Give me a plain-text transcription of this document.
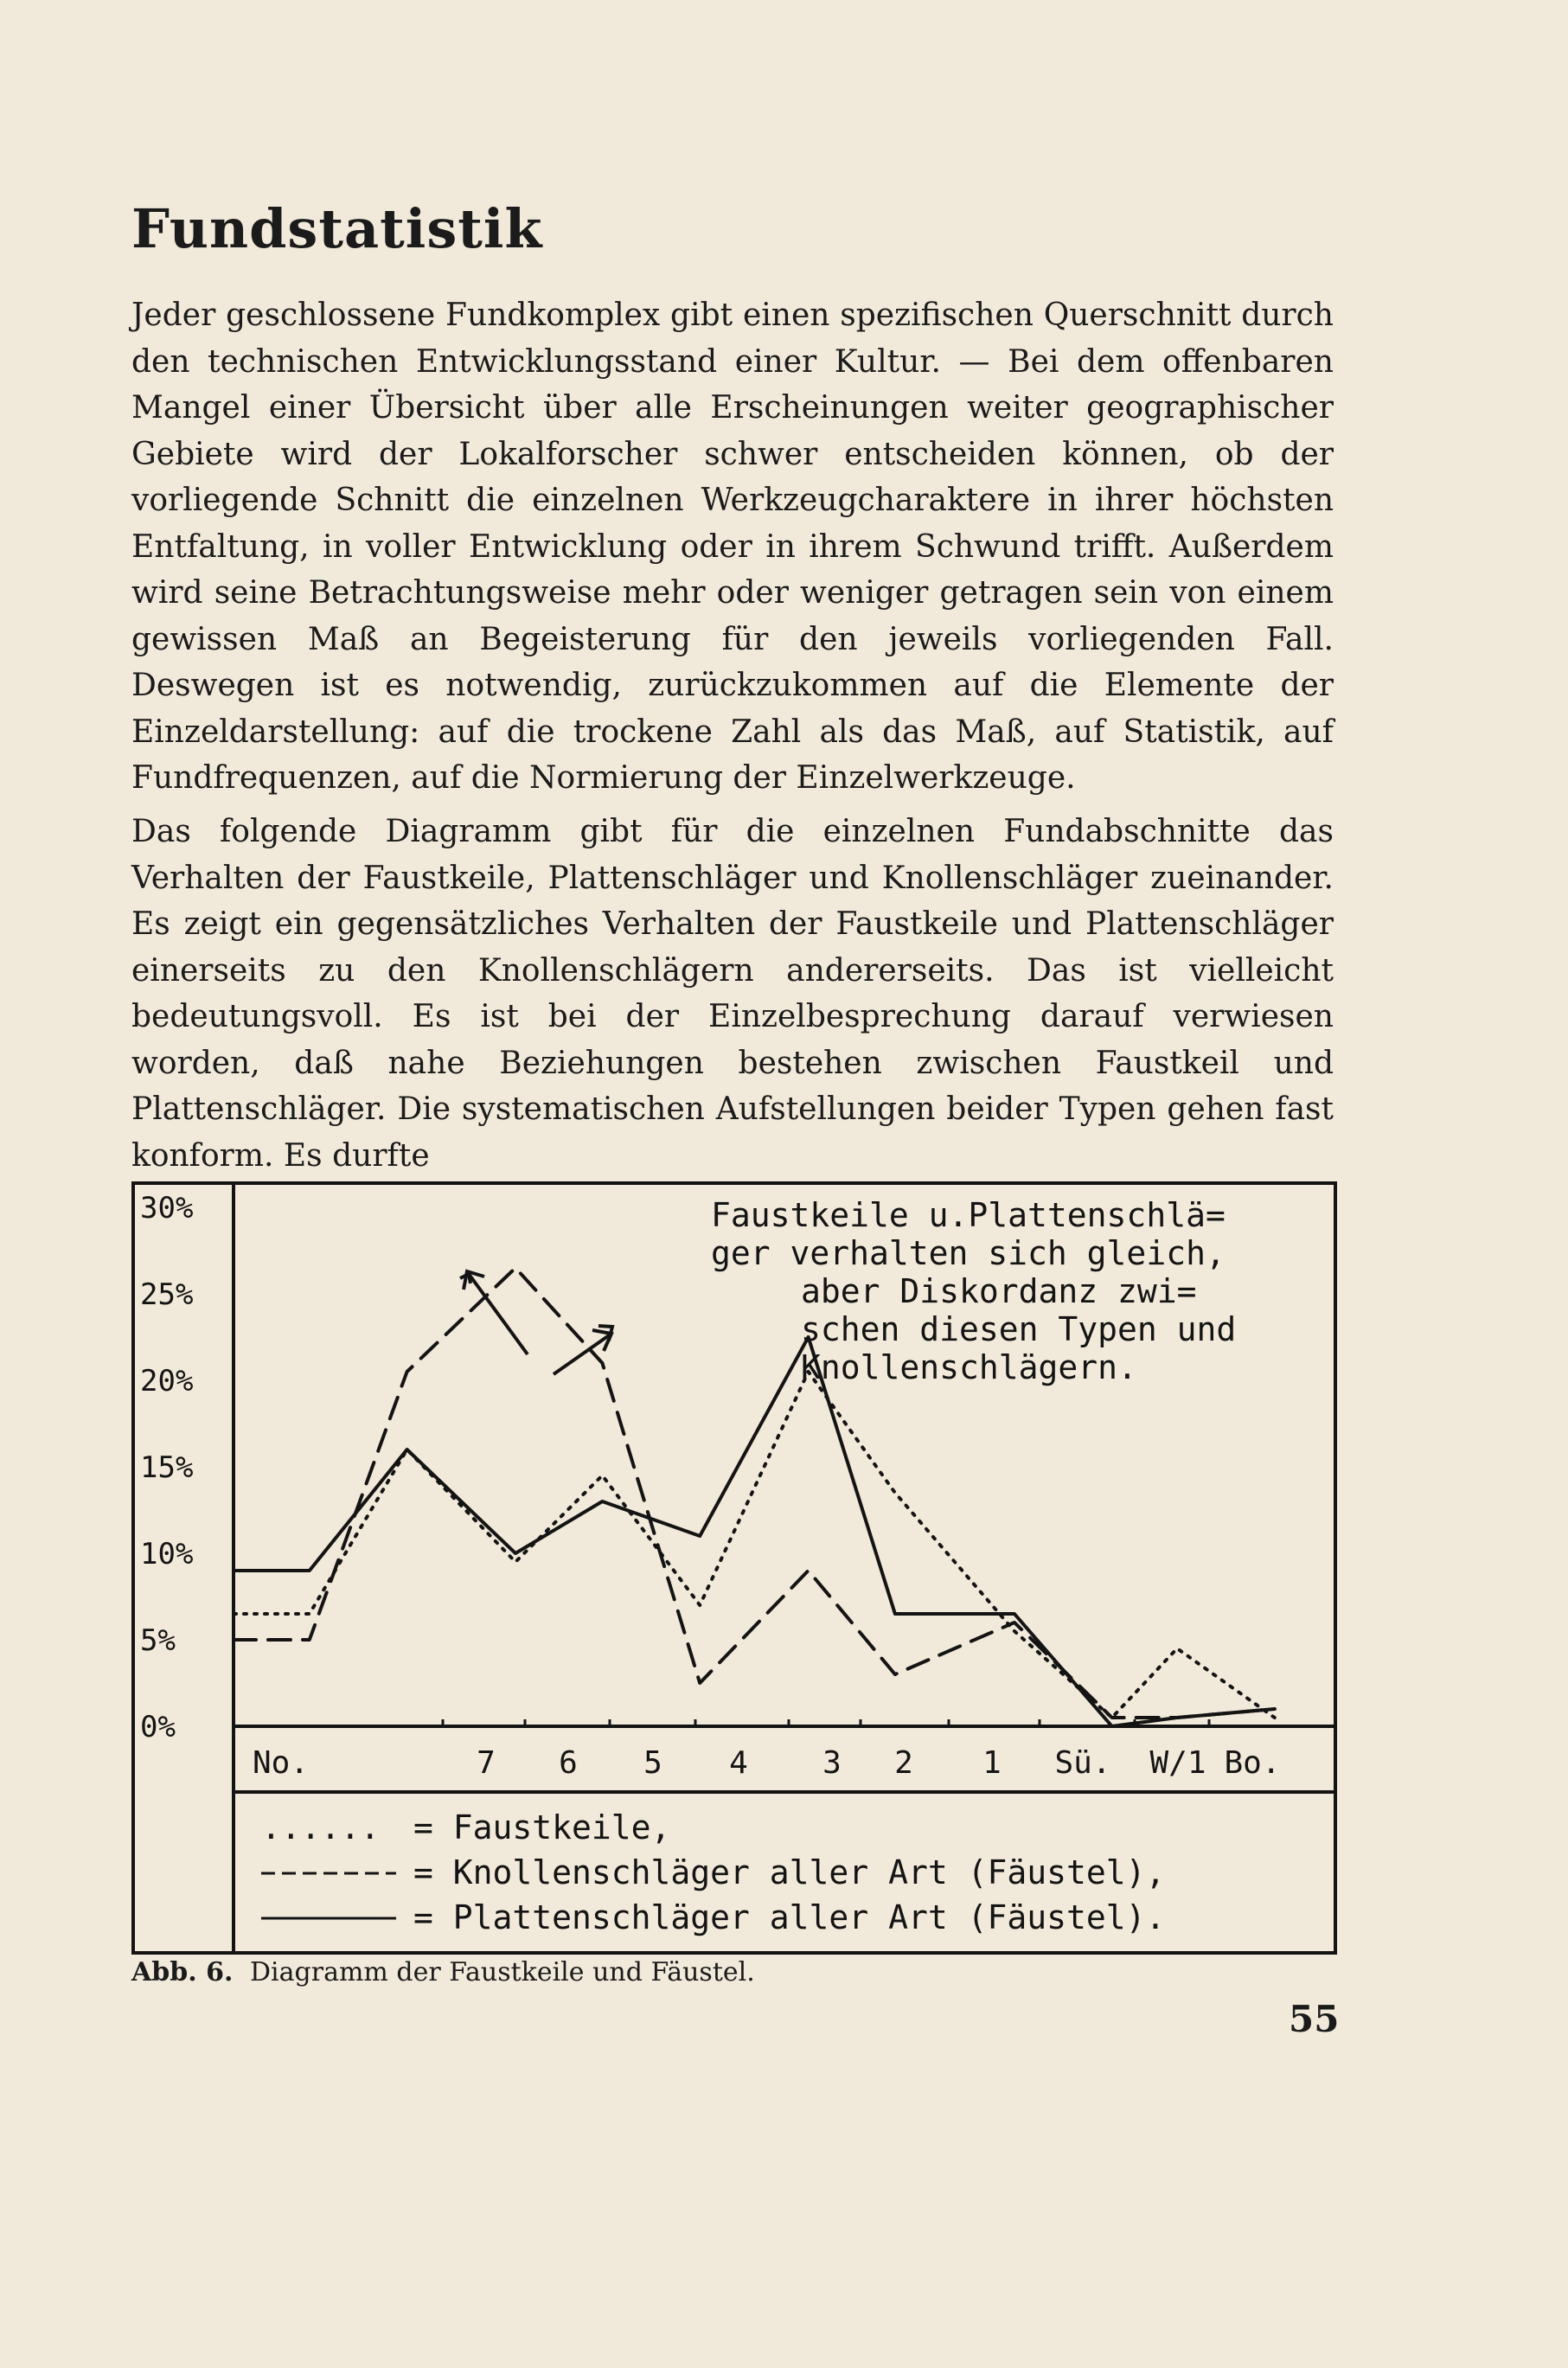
Fundstatistik

Jeder geschlossene Fundkomplex gibt einen spezifischen Querschnitt durch den technischen Entwicklungsstand einer Kultur. — Bei dem offenbaren Mangel einer Übersicht über alle Erscheinungen weiter geographischer Gebiete wird der Lokalforscher schwer entscheiden können, ob der vorliegende Schnitt die einzelnen Werkzeugcharaktere in ihrer höchsten Entfaltung, in voller Entwicklung oder in ihrem Schwund trifft. Außerdem wird seine Betrachtungsweise mehr oder weniger getragen sein von einem gewissen Maß an Begeisterung für den jeweils vorliegenden Fall. Deswegen ist es notwendig, zurückzukommen auf die Elemente der Einzeldarstellung: auf die trockene Zahl als das Maß, auf Statistik, auf Fundfrequenzen, auf die Normierung der Einzelwerkzeuge.

Das folgende Diagramm gibt für die einzelnen Fundabschnitte das Verhalten der Faustkeile, Plattenschläger und Knollenschläger zueinander. Es zeigt ein gegensätzliches Verhalten der Faustkeile und Plattenschläger einerseits zu den Knollenschlägern andererseits. Das ist vielleicht bedeutungsvoll. Es ist bei der Einzelbesprechung darauf verwiesen worden, daß nahe Beziehungen bestehen zwischen Faustkeil und Plattenschläger. Die systematischen Aufstellungen beider Typen gehen fast konform. Es durfte

30%
25%
20%
15%
10%
5%
0%
No.	7 6 5 4 3 2 1 Sü. W/1 Bo.
Faustkeile u.Plattenschlä=
ger verhalten sich gleich,
aber Diskordanz zwi=
schen diesen Typen und
Knollenschlägern.
...... = Faustkeile,
= Knollenschläger aller Art (Fäustel),
= Plattenschläger aller Art (Fäustel).
Abb. 6. Diagramm der Faustkeile und Fäustel.
55
